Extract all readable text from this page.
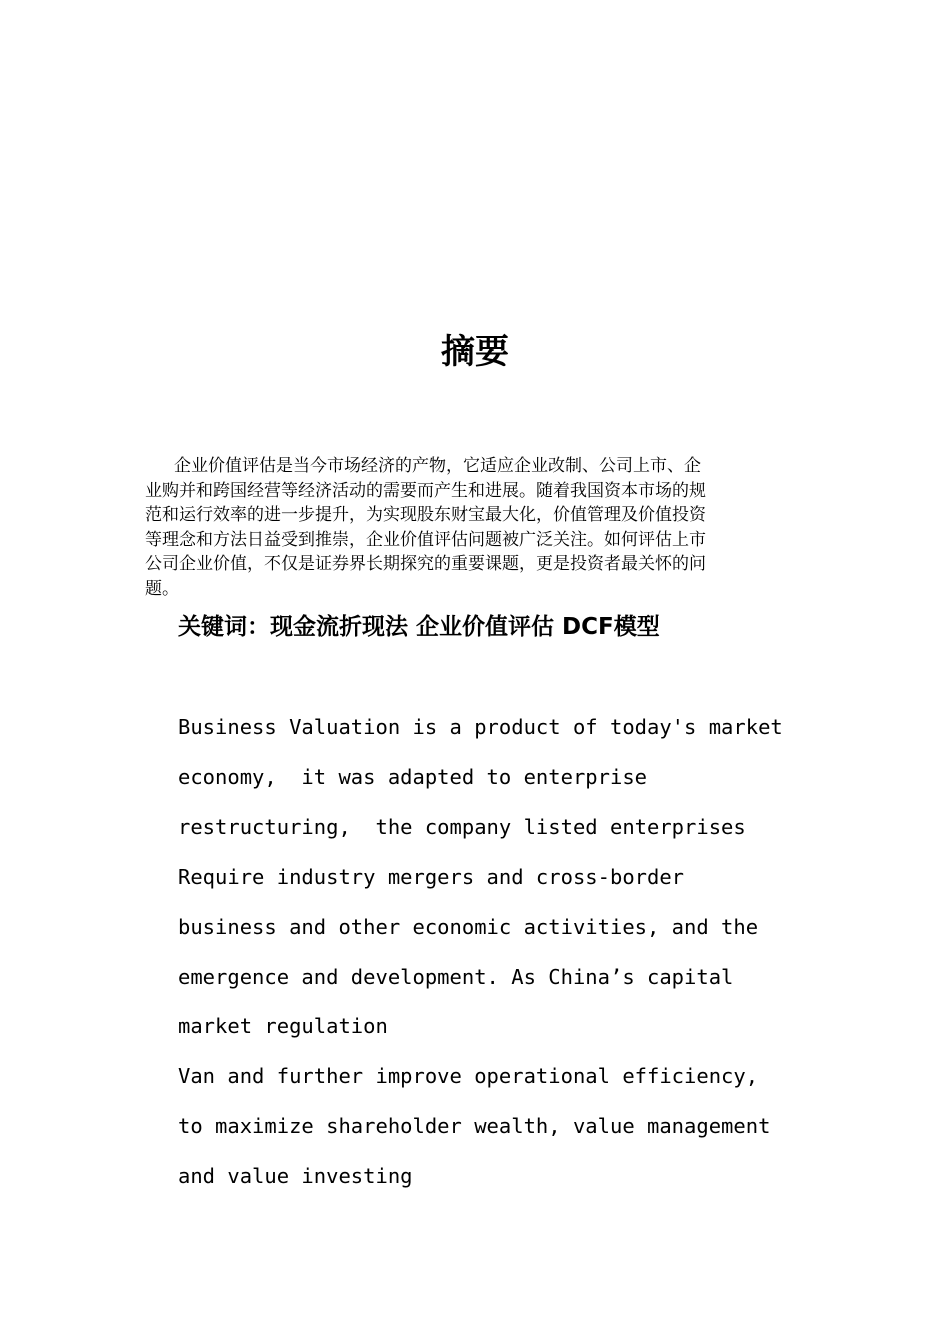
摘要
企业价值评估是当今市场经济的产物，它适应企业改制、公司上市、企
业购并和跨国经营等经济活动的需要而产生和进展。随着我国资本市场的规
范和运行效率的进一步提升，为实现股东财宝最大化，价值管理及价值投资
等理念和方法日益受到推崇，企业价值评估问题被广泛关注。如何评估上市
公司企业价值，不仅是证券界长期探究的重要课题，更是投资者最关怀的问
题。

关键词：现金流折现法 企业价值评估 DCF模型

Business Valuation is a product of today's market
economy,  it was adapted to enterprise
restructuring,  the company listed enterprises
Require industry mergers and cross-border
business and other economic activities, and the
emergence and development. As China’s capital
market regulation
Van and further improve operational efficiency,
to maximize shareholder wealth, value management
and value investing
